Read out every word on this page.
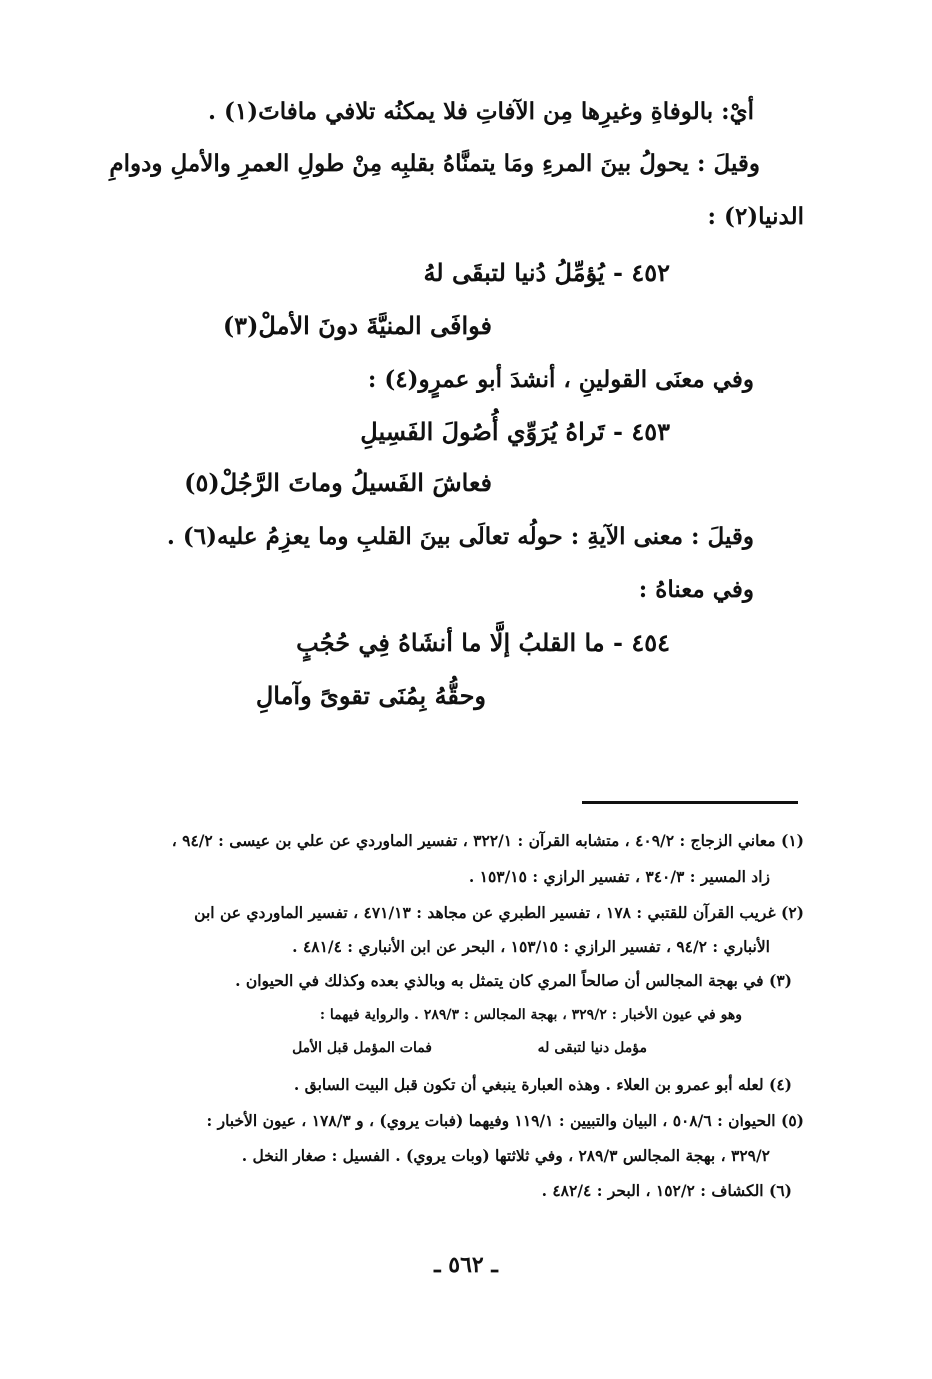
أيْ: بالوفاةِ وغيرِها مِن الآفاتِ فلا يمكنُه تلافي مافاتَ(١) .
وقيلَ : يحولُ بينَ المرءِ ومَا يتمنَّاهُ بقلبِه مِنْ طولِ العمرِ والأملِ ودوامِ
الدنيا(٢) :
٤٥٢ - يُؤمِّلُ دُنيا لتبقَى لهُ
فوافَى المنيَّةَ دونَ الأملْ(٣)
وفي معنَى القولينِ ، أنشدَ أبو عمرٍو(٤) :
٤٥٣ - تَراهُ يُرَوِّي أُصُولَ الفَسِيلِ
فعاشَ الفَسيلُ وماتَ الرَّجُلْ(٥)
وقيلَ : معنى الآيةِ : حولُه تعالَى بينَ القلبِ وما يعزِمُ عليه(٦) .
وفي معناهُ :
٤٥٤ - ما القلبُ إلَّا ما أنشَاهُ فِي حُجُبٍ
وحقُّهُ بِمُنَى تقوىً وآمالِ
(١) معاني الزجاج : ٤٠٩/٢ ، متشابه القرآن : ٣٢٢/١ ، تفسير الماوردي عن علي بن عيسى : ٩٤/٢ ،
زاد المسير : ٣٤٠/٣ ، تفسير الرازي : ١٥٣/١٥ .
(٢) غريب القرآن للقتبي : ١٧٨ ، تفسير الطبري عن مجاهد : ٤٧١/١٣ ، تفسير الماوردي عن ابن
الأنباري : ٩٤/٢ ، تفسير الرازي : ١٥٣/١٥ ، البحر عن ابن الأنباري : ٤٨١/٤ .
(٣) في بهجة المجالس أن صالحاً المري كان يتمثل به وبالذي بعده وكذلك في الحيوان .
وهو في عيون الأخبار : ٣٢٩/٢ ، بهجة المجالس : ٢٨٩/٣ . والرواية فيهما :
مؤمل دنيا لتبقى له
فمات المؤمل قبل الأمل
(٤) لعله أبو عمرو بن العلاء . وهذه العبارة ينبغي أن تكون قبل البيت السابق .
(٥) الحيوان : ٥٠٨/٦ ، البيان والتبيين : ١١٩/١ وفيهما (فبات يروي) ، و ١٧٨/٣ ، عيون الأخبار :
٣٢٩/٢ ، بهجة المجالس ٢٨٩/٣ ، وفي ثلاثتها (وبات يروي) . الفسيل : صغار النخل .
(٦) الكشاف : ١٥٢/٢ ، البحر : ٤٨٢/٤ .
ـ ٥٦٢ ـ
